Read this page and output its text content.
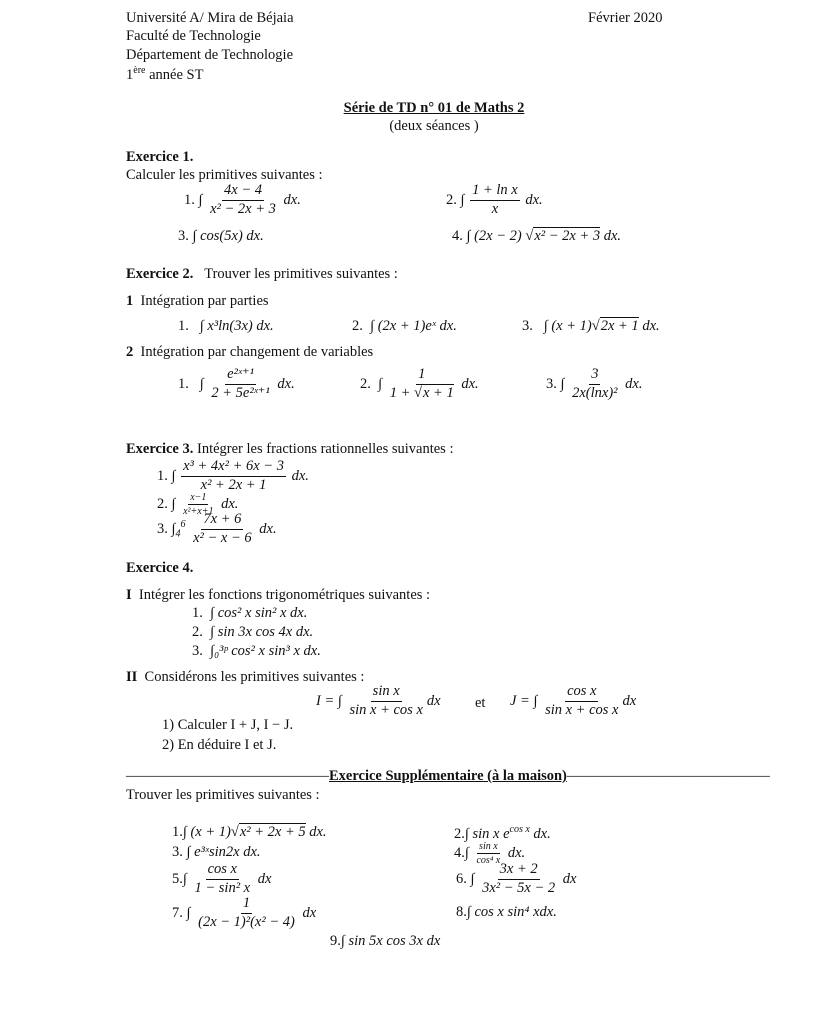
Université A/ Mira de Béjaia
Faculté de Technologie
Département de Technologie
1ère année ST
Février 2020
Série de TD n° 01 de Maths 2
(deux séances )
Exercice 1.
Calculer les primitives suivantes :
1. ∫ $\frac{4x - 4}{\text{x² − 2x + 3}}$ dx.	2. ∫ $\frac{\text{1 + ln x}}{x}$ dx.
3. ∫ cos(5x) dx.	4. ∫ (2x − 2) √x² − 2x + 3 dx.
Exercice 2. Trouver les primitives suivantes :
1 Intégration par parties
1. ∫ x³ln(3x) dx.	2. ∫ (2x + 1)eˣ dx.	3. ∫ (x + 1)√2x + 1 dx.
2 Intégration par changement de variables
1.   ∫ $\frac{\text{e²ˣ⁺¹}}{\text{2 + 5e²ˣ⁺¹}}$ dx.	2.  ∫ $\frac{1}{1 + √x + 1}$ dx.	3. ∫ $\frac{3}{\text{2x(lnx)²}}$ dx.
Exercice 3. Intégrer les fractions rationnelles suivantes :
1. ∫ $\frac{\text{x³ + 4x² + 6x − 3}}{\text{x² + 2x + 1}}$ dx.
2. ∫ $\frac{x-1}{\text{x²+x+1}}$ dx.
3. $\int_4^6 \frac{7x + 6}{\text{x² − x − 6}}$ dx.
Exercice 4.
I Intégrer les fonctions trigonométriques suivantes :
1. ∫ cos² x sin² x dx.
2. ∫ sin 3x cos 4x dx.
3. ∫₀³ᵖ cos² x sin³ x dx.
II Considérons les primitives suivantes :
I = ∫ $\frac{\text{sin x}}{\text{sin x + cos x}}$ dx et J = ∫ $\frac{\text{cos x}}{\text{sin x + cos x}}$ dx
1) Calculer I + J, I − J.
2) En déduire I et J.
——————————————Exercice Supplémentaire (à la maison)——————————————
Trouver les primitives suivantes :
1.∫ (x + 1)√x² + 2x + 5 dx.	2.∫ sin x $e^{cos x}$ dx.
3. ∫ e³ˣsin2x dx.	$4.\int \frac{\text{sin x}}{\text{cos⁴ x}}$ dx.
$5.\int \frac{\text{cos x}}{\text{1 − sin² x}}$ dx	6. ∫ $\frac{3x + 2}{\text{3x² − 5x − 2}}$ dx
7. ∫ $\frac{1}{\text{(2x − 1)²(x² − 4)}}$ dx	8.∫ cos x sin⁴ xdx.
9.∫ sin 5x cos 3x dx
